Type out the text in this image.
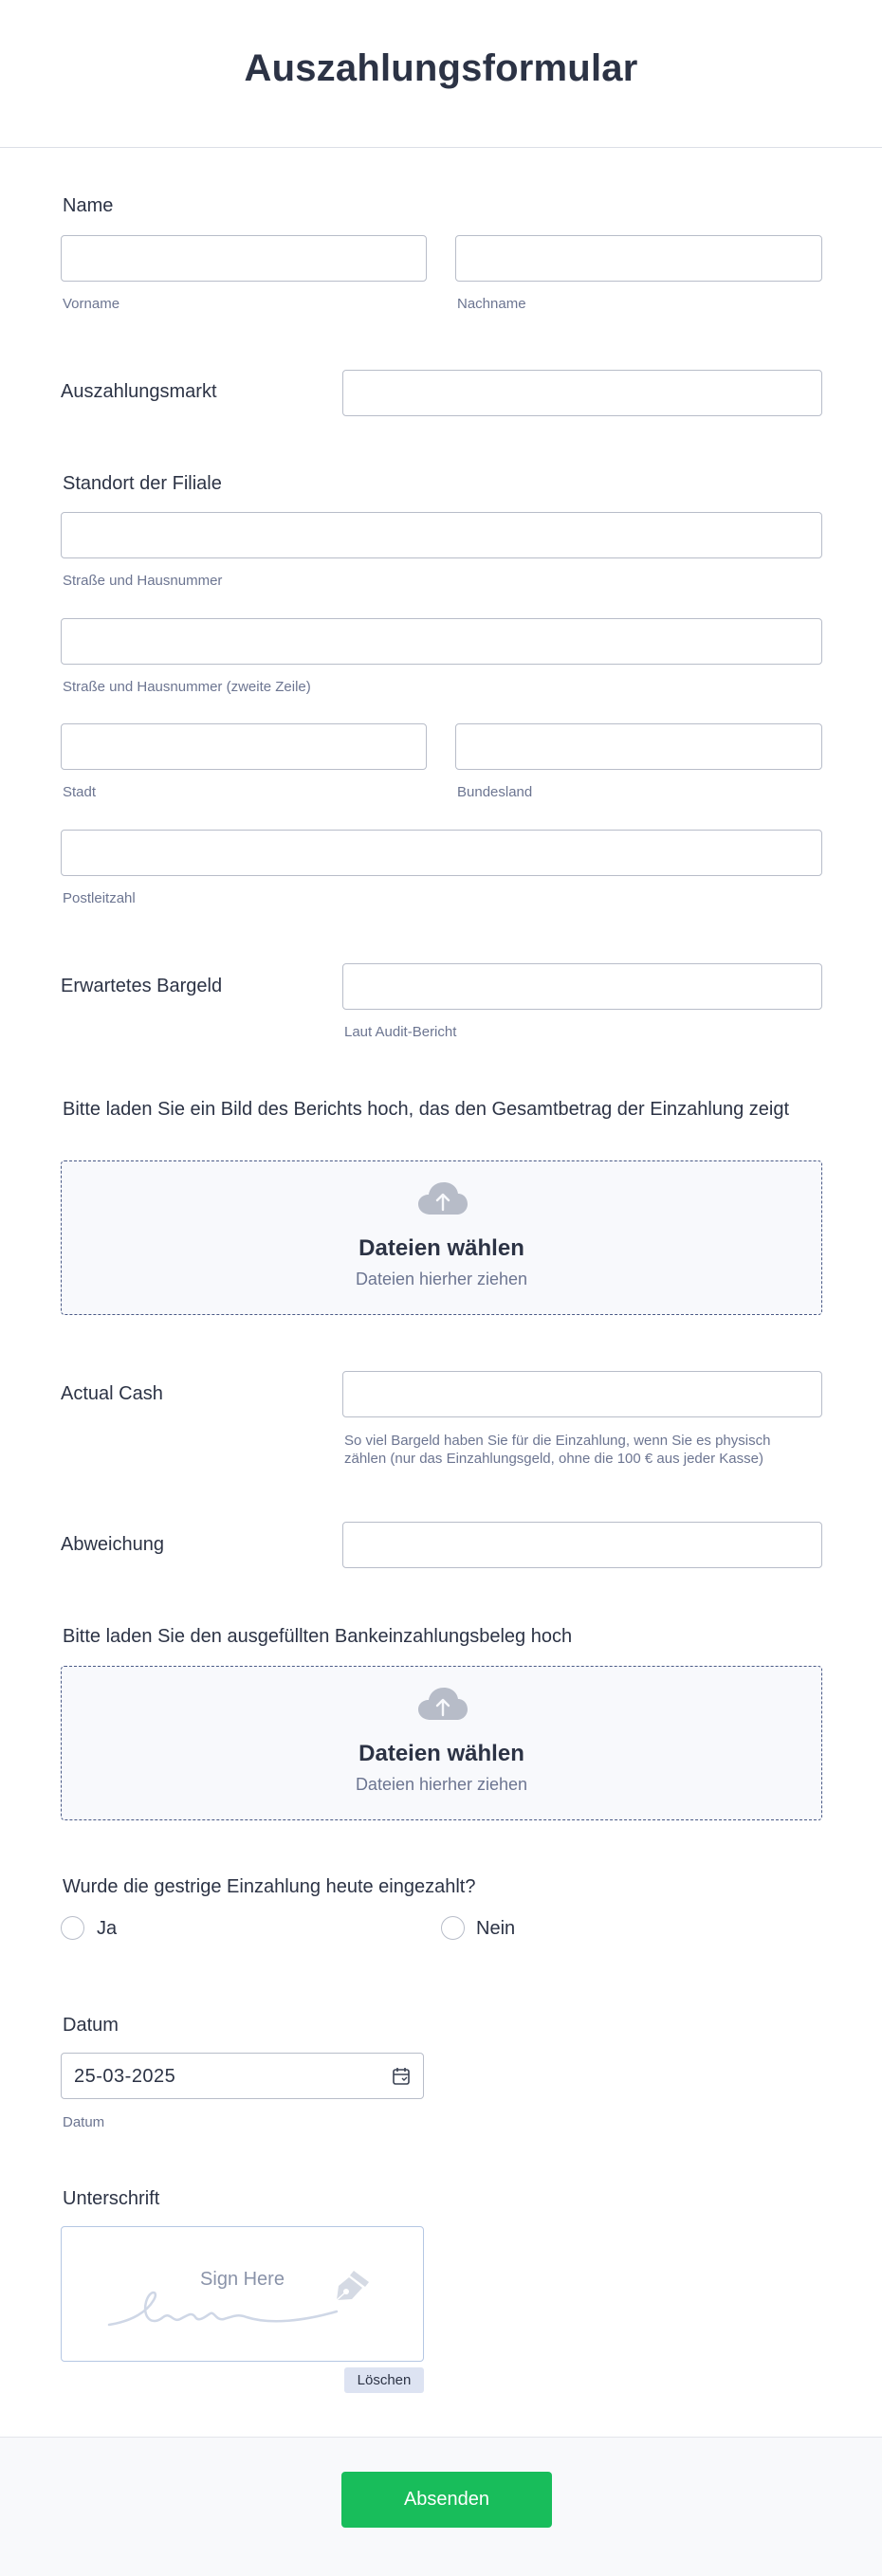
Auszahlungsformular
Name
Vorname	Nachname
Auszahlungsmarkt
Standort der Filiale
Straße und Hausnummer
Straße und Hausnummer (zweite Zeile)
Stadt	Bundesland
Postleitzahl
Erwartetes Bargeld
Laut Audit-Bericht
Bitte laden Sie ein Bild des Berichts hoch, das den Gesamtbetrag der Einzahlung zeigt
Dateien wählen
Dateien hierher ziehen
Actual Cash
So viel Bargeld haben Sie für die Einzahlung, wenn Sie es physisch
zählen (nur das Einzahlungsgeld, ohne die 100 € aus jeder Kasse)
Abweichung
Bitte laden Sie den ausgefüllten Bankeinzahlungsbeleg hoch
Dateien wählen
Dateien hierher ziehen
Wurde die gestrige Einzahlung heute eingezahlt?
Ja	Nein
Datum
25-03-2025
Datum
Unterschrift
Sign Here
Löschen
Absenden
